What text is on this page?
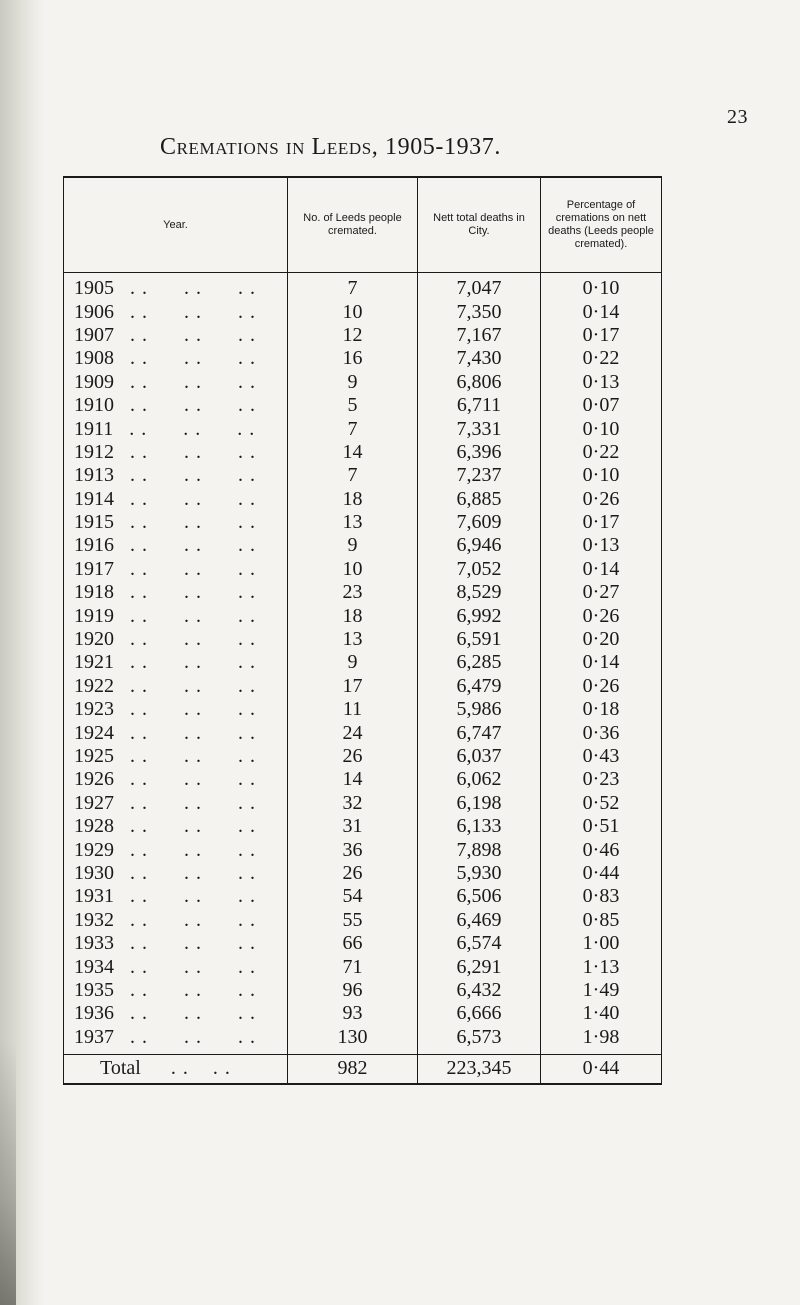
23
Cremations in Leeds, 1905-1937.
Year.	No. of Leeds people cremated.	Nett total deaths in City.	Percentage of cremations on nett deaths (Leeds people cremated).
1905 . .      . .      . .	7	7,047	0·10
1906 . .      . .      . .	10	7,350	0·14
1907 . .      . .      . .	12	7,167	0·17
1908 . .      . .      . .	16	7,430	0·22
1909 . .      . .      . .	9	6,806	0·13
1910 . .      . .      . .	5	6,711	0·07
1911 . .      . .      . .	7	7,331	0·10
1912 . .      . .      . .	14	6,396	0·22
1913 . .      . .      . .	7	7,237	0·10
1914 . .      . .      . .	18	6,885	0·26
1915 . .      . .      . .	13	7,609	0·17
1916 . .      . .      . .	9	6,946	0·13
1917 . .      . .      . .	10	7,052	0·14
1918 . .      . .      . .	23	8,529	0·27
1919 . .      . .      . .	18	6,992	0·26
1920 . .      . .      . .	13	6,591	0·20
1921 . .      . .      . .	9	6,285	0·14
1922 . .      . .      . .	17	6,479	0·26
1923 . .      . .      . .	11	5,986	0·18
1924 . .      . .      . .	24	6,747	0·36
1925 . .      . .      . .	26	6,037	0·43
1926 . .      . .      . .	14	6,062	0·23
1927 . .      . .      . .	32	6,198	0·52
1928 . .      . .      . .	31	6,133	0·51
1929 . .      . .      . .	36	7,898	0·46
1930 . .      . .      . .	26	5,930	0·44
1931 . .      . .      . .	54	6,506	0·83
1932 . .      . .      . .	55	6,469	0·85
1933 . .      . .      . .	66	6,574	1·00
1934 . .      . .      . .	71	6,291	1·13
1935 . .      . .      . .	96	6,432	1·49
1936 . .      . .      . .	93	6,666	1·40
1937 . .      . .      . .	130	6,573	1·98
Total . .    . .	982	223,345	0·44
